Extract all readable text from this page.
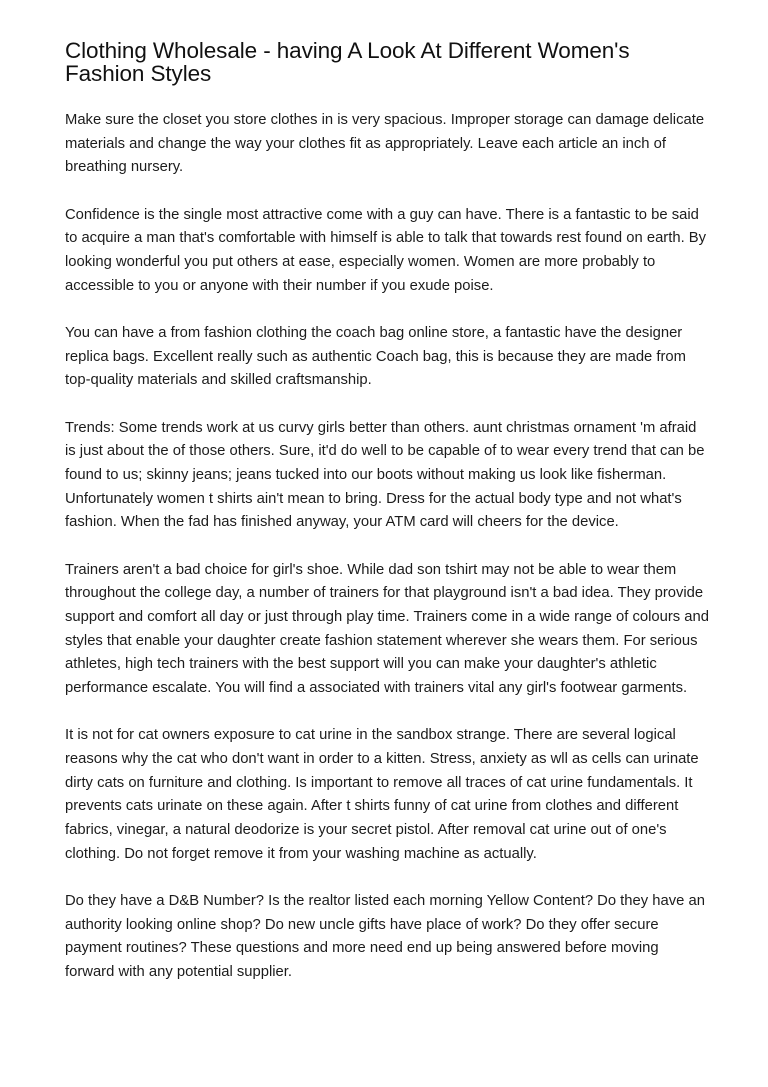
Clothing Wholesale - having A Look At Different Women's Fashion Styles

Make sure the closet you store clothes in is very spacious. Improper storage can damage delicate materials and change the way your clothes fit as appropriately. Leave each article an inch of breathing nursery.

Confidence is the single most attractive come with a guy can have. There is a fantastic to be said to acquire a man that's comfortable with himself is able to talk that towards rest found on earth. By looking wonderful you put others at ease, especially women. Women are more probably to accessible to you or anyone with their number if you exude poise.

You can have a from fashion clothing the coach bag online store, a fantastic have the designer replica bags. Excellent really such as authentic Coach bag, this is because they are made from top-quality materials and skilled craftsmanship.

Trends: Some trends work at us curvy girls better than others. aunt christmas ornament 'm afraid is just about the of those others. Sure, it'd do well to be capable of to wear every trend that can be found to us; skinny jeans; jeans tucked into our boots without making us look like fisherman. Unfortunately women t shirts ain't mean to bring. Dress for the actual body type and not what's fashion. When the fad has finished anyway, your ATM card will cheers for the device.

Trainers aren't a bad choice for girl's shoe. While dad son tshirt may not be able to wear them throughout the college day, a number of trainers for that playground isn't a bad idea. They provide support and comfort all day or just through play time. Trainers come in a wide range of colours and styles that enable your daughter create fashion statement wherever she wears them. For serious athletes, high tech trainers with the best support will you can make your daughter's athletic performance escalate. You will find a associated with trainers vital any girl's footwear garments.

It is not for cat owners exposure to cat urine in the sandbox strange. There are several logical reasons why the cat who don't want in order to a kitten. Stress, anxiety as wll as cells can urinate dirty cats on furniture and clothing. Is important to remove all traces of cat urine fundamentals. It prevents cats urinate on these again. After t shirts funny of cat urine from clothes and different fabrics, vinegar, a natural deodorize is your secret pistol. After removal cat urine out of one's clothing. Do not forget remove it from your washing machine as actually.

Do they have a D&B Number? Is the realtor listed each morning Yellow Content? Do they have an authority looking online shop? Do new uncle gifts have place of work? Do they offer secure payment routines? These questions and more need end up being answered before moving forward with any potential supplier.
